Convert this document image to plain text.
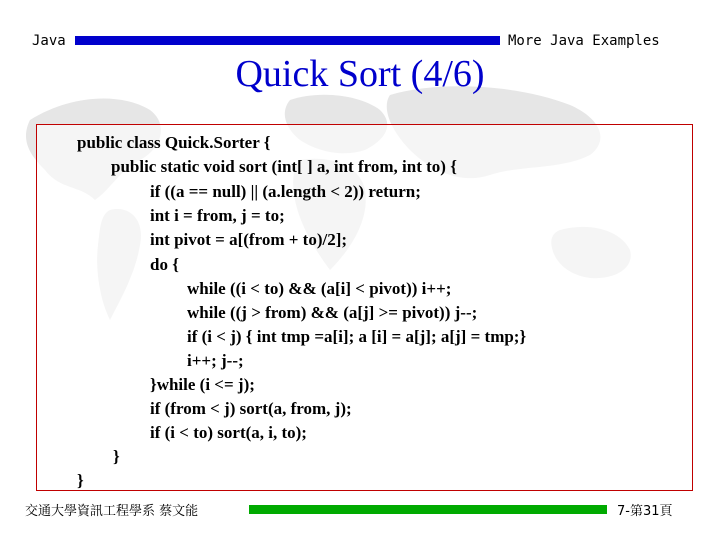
Java	More Java Examples
Quick Sort (4/6)
public class Quick.Sorter {
public static void sort (int[ ] a, int from, int to) {
if ((a == null) || (a.length < 2)) return;
int i = from, j = to;
int pivot = a[(from + to)/2];
do {
while ((i < to) && (a[i] < pivot)) i++;
while ((j > from) && (a[j] >= pivot)) j--;
if (i < j) { int tmp =a[i]; a [i] = a[j]; a[j] = tmp;}
i++; j--;
}while (i <= j);
if (from < j) sort(a, from, j);
if (i < to) sort(a, i, to);
}
}
交通大學資訊工程學系 蔡文能	7-第31頁
